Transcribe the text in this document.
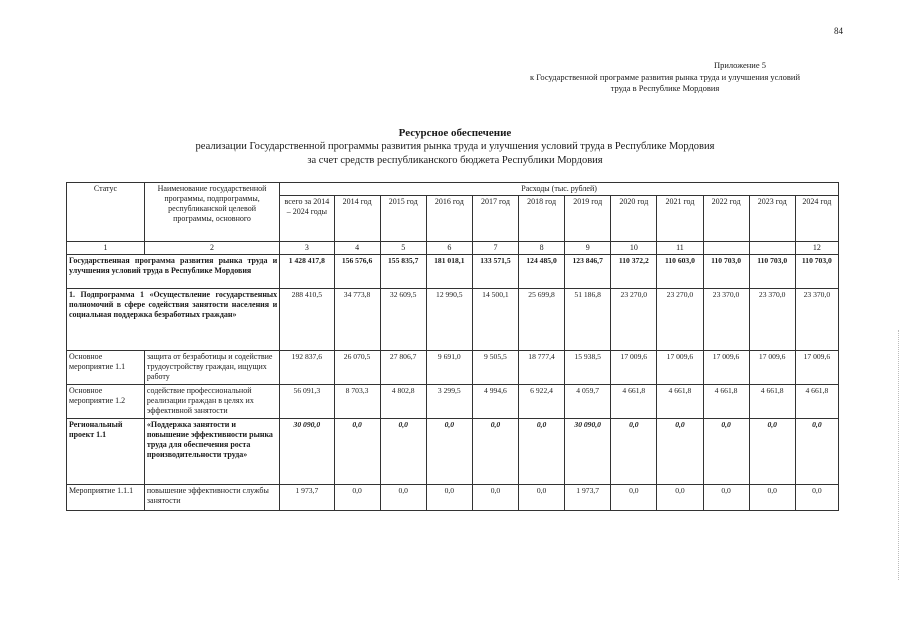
84
Приложение 5
к Государственной программе развития рынка труда и улучшения условий
труда в Республике Мордовия
Ресурсное обеспечение
реализации Государственной программы развития рынка труда и улучшения условий труда в Республике Мордовия
за счет средств республиканского бюджета Республики Мордовия
Статус	Наименование государственной программы, подпрограммы, республиканской целевой программы, основного	Расходы (тыс. рублей)											
		всего за 2014 – 2024 годы	2014 год	2015 год	2016 год	2017 год	2018 год	2019 год	2020 год	2021 год	2022 год	2023 год	2024 год
1	2	3	4	5	6	7	8	9	10	11			12
Государственная программа развития рынка труда и улучшения условий труда в Республике Мордовия		1 428 417,8	156 576,6	155 835,7	181 018,1	133 571,5	124 485,0	123 846,7	110 372,2	110 603,0	110 703,0	110 703,0	110 703,0
1. Подпрограмма 1 «Осуществление государственных полномочий в сфере содействия занятости населения и социальная поддержка безработных граждан»		288 410,5	34 773,8	32 609,5	12 990,5	14 500,1	25 699,8	51 186,8	23 270,0	23 270,0	23 370,0	23 370,0	23 370,0
Основное мероприятие 1.1	защита от безработицы и содействие трудоустройству граждан, ищущих работу	192 837,6	26 070,5	27 806,7	9 691,0	9 505,5	18 777,4	15 938,5	17 009,6	17 009,6	17 009,6	17 009,6	17 009,6
Основное мероприятие 1.2	содействие профессиональной реализации граждан в целях их эффективной занятости	56 091,3	8 703,3	4 802,8	3 299,5	4 994,6	6 922,4	4 059,7	4 661,8	4 661,8	4 661,8	4 661,8	4 661,8
Региональный проект 1.1	«Поддержка занятости и повышение эффективности рынка труда для обеспечения роста производительности труда»	30 090,0	0,0	0,0	0,0	0,0	0,0	30 090,0	0,0	0,0	0,0	0,0	0,0
Мероприятие 1.1.1	повышение эффективности службы занятости	1 973,7	0,0	0,0	0,0	0,0	0,0	1 973,7	0,0	0,0	0,0	0,0	0,0
